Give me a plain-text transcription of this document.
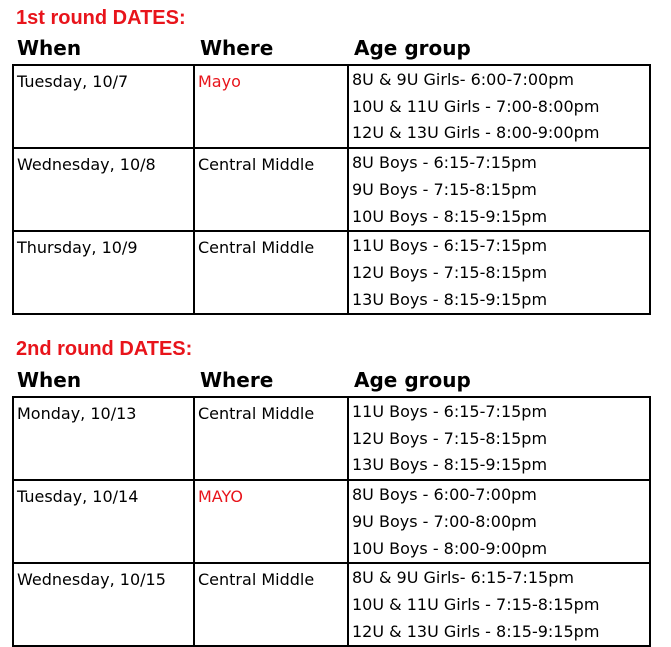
1st round DATES:
When	Where	Age group
Tuesday, 10/7	Mayo	8U & 9U Girls- 6:00-7:00pm
10U & 11U Girls - 7:00-8:00pm
12U & 13U Girls - 8:00-9:00pm

Wednesday, 10/8	Central Middle	8U Boys - 6:15-7:15pm
9U Boys - 7:15-8:15pm
10U Boys - 8:15-9:15pm

Thursday, 10/9	Central Middle	11U Boys - 6:15-7:15pm
12U Boys - 7:15-8:15pm
13U Boys - 8:15-9:15pm
2nd round DATES:
When	Where	Age group
Monday, 10/13	Central Middle	11U Boys - 6:15-7:15pm
12U Boys - 7:15-8:15pm
13U Boys - 8:15-9:15pm

Tuesday, 10/14	MAYO	8U Boys - 6:00-7:00pm
9U Boys - 7:00-8:00pm
10U Boys - 8:00-9:00pm

Wednesday, 10/15	Central Middle	8U & 9U Girls- 6:15-7:15pm
10U & 11U Girls - 7:15-8:15pm
12U & 13U Girls - 8:15-9:15pm
